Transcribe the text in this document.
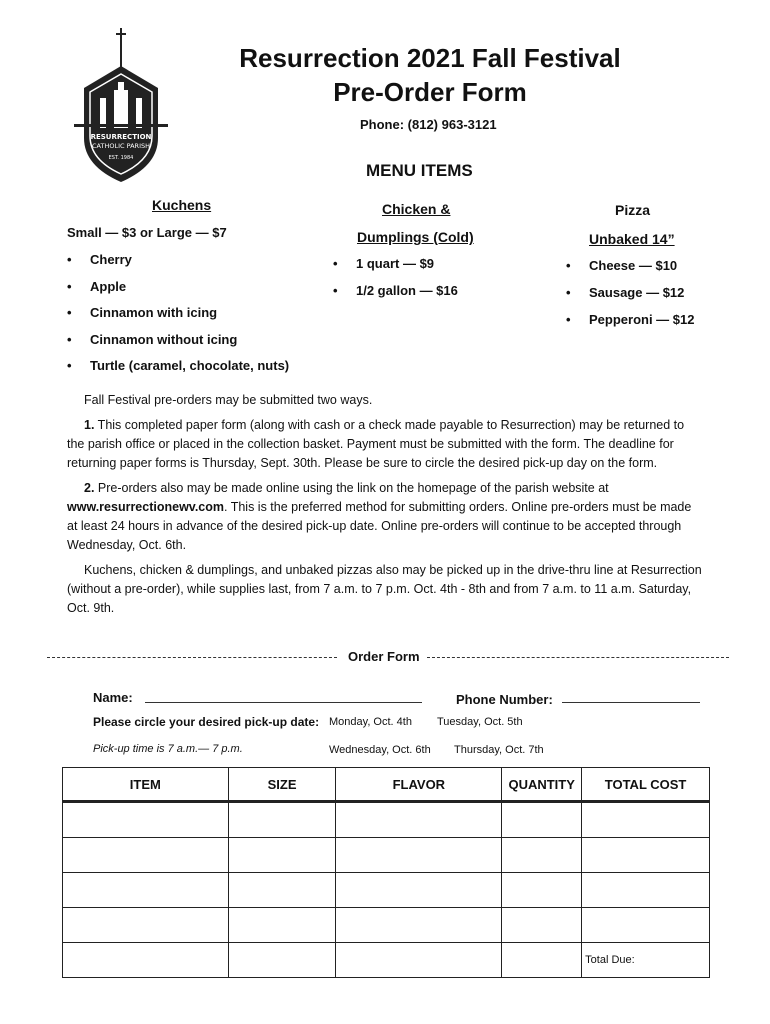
RESURRECTION
CATHOLIC PARISH
EST. 1984
Resurrection 2021 Fall Festival
Pre-Order Form
Phone: (812) 963-3121
MENU ITEMS
Kuchens
Small — $3 or Large — $7
• Cherry
• Apple
• Cinnamon with icing
• Cinnamon without icing
• Turtle (caramel, chocolate, nuts)
Chicken &
Dumplings (Cold)
• 1 quart — $9
• 1/2 gallon — $16
Pizza
Unbaked 14”
• Cheese — $10
• Sausage — $12
• Pepperoni — $12

Fall Festival pre-orders may be submitted two ways.

1. This completed paper form (along with cash or a check made payable to Resurrection) may be returned to the parish office or placed in the collection basket. Payment must be submitted with the form. The deadline for returning paper forms is Thursday, Sept. 30th. Please be sure to circle the desired pick-up day on the form.

2. Pre-orders also may be made online using the link on the homepage of the parish website at www.resurrectionewv.com. This is the preferred method for submitting orders. Online pre-orders must be made at least 24 hours in advance of the desired pick-up date. Online pre-orders will continue to be accepted through Wednesday, Oct. 6th.

Kuchens, chicken & dumplings, and unbaked pizzas also may be picked up in the drive-thru line at Resurrection (without a pre-order), while supplies last, from 7 a.m. to 7 p.m. Oct. 4th - 8th and from 7 a.m. to 11 a.m. Saturday, Oct. 9th.

Order Form
Name:	Phone Number:
Please circle your desired pick-up date: Monday, Oct. 4th Tuesday, Oct. 5th
Pick-up time is 7 a.m.— 7 p.m.	Wednesday, Oct. 6th Thursday, Oct. 7th
ITEM	SIZE	FLAVOR	QUANTITY	TOTAL COST

				Total Due:
